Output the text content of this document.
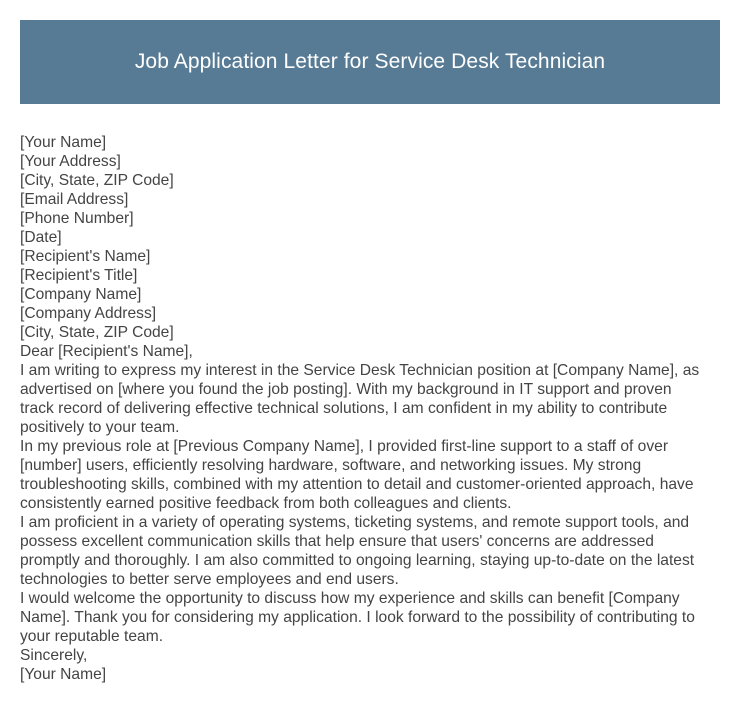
Job Application Letter for Service Desk Technician
[Your Name]
[Your Address]
[City, State, ZIP Code]
[Email Address]
[Phone Number]
[Date]
[Recipient's Name]
[Recipient's Title]
[Company Name]
[Company Address]
[City, State, ZIP Code]
Dear [Recipient's Name],
I am writing to express my interest in the Service Desk Technician position at [Company Name], as
advertised on [where you found the job posting]. With my background in IT support and proven
track record of delivering effective technical solutions, I am confident in my ability to contribute
positively to your team.
In my previous role at [Previous Company Name], I provided first-line support to a staff of over
[number] users, efficiently resolving hardware, software, and networking issues. My strong
troubleshooting skills, combined with my attention to detail and customer-oriented approach, have
consistently earned positive feedback from both colleagues and clients.
I am proficient in a variety of operating systems, ticketing systems, and remote support tools, and
possess excellent communication skills that help ensure that users' concerns are addressed
promptly and thoroughly. I am also committed to ongoing learning, staying up-to-date on the latest
technologies to better serve employees and end users.
I would welcome the opportunity to discuss how my experience and skills can benefit [Company
Name]. Thank you for considering my application. I look forward to the possibility of contributing to
your reputable team.
Sincerely,
[Your Name]
